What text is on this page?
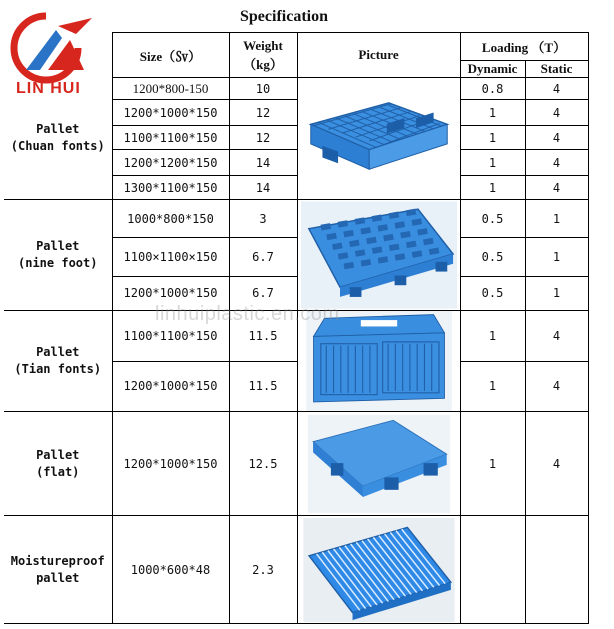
LIN HUI
Specification
	Size（㏜）	Weight（kg）	Picture	Loading （T）	
				Dynamic	Static
Pallet
(Chuan fonts)	1200*800-150	10		0.8	4
	1200*1000*150	12		1	4
	1100*1100*150	12		1	4
	1200*1200*150	14		1	4
	1300*1100*150	14		1	4
Pallet
(nine foot)	1000*800*150	3		0.5	1
	1100×1100×150	6.7		0.5	1
	1200*1000*150	6.7		0.5	1
Pallet
(Tian fonts)	1100*1100*150	11.5		1	4
	1200*1000*150	11.5		1	4
Pallet
(flat)	1200*1000*150	12.5		1	4
Moistureproof
pallet	1000*600*48	2.3	

linhuiplastic.en.com
